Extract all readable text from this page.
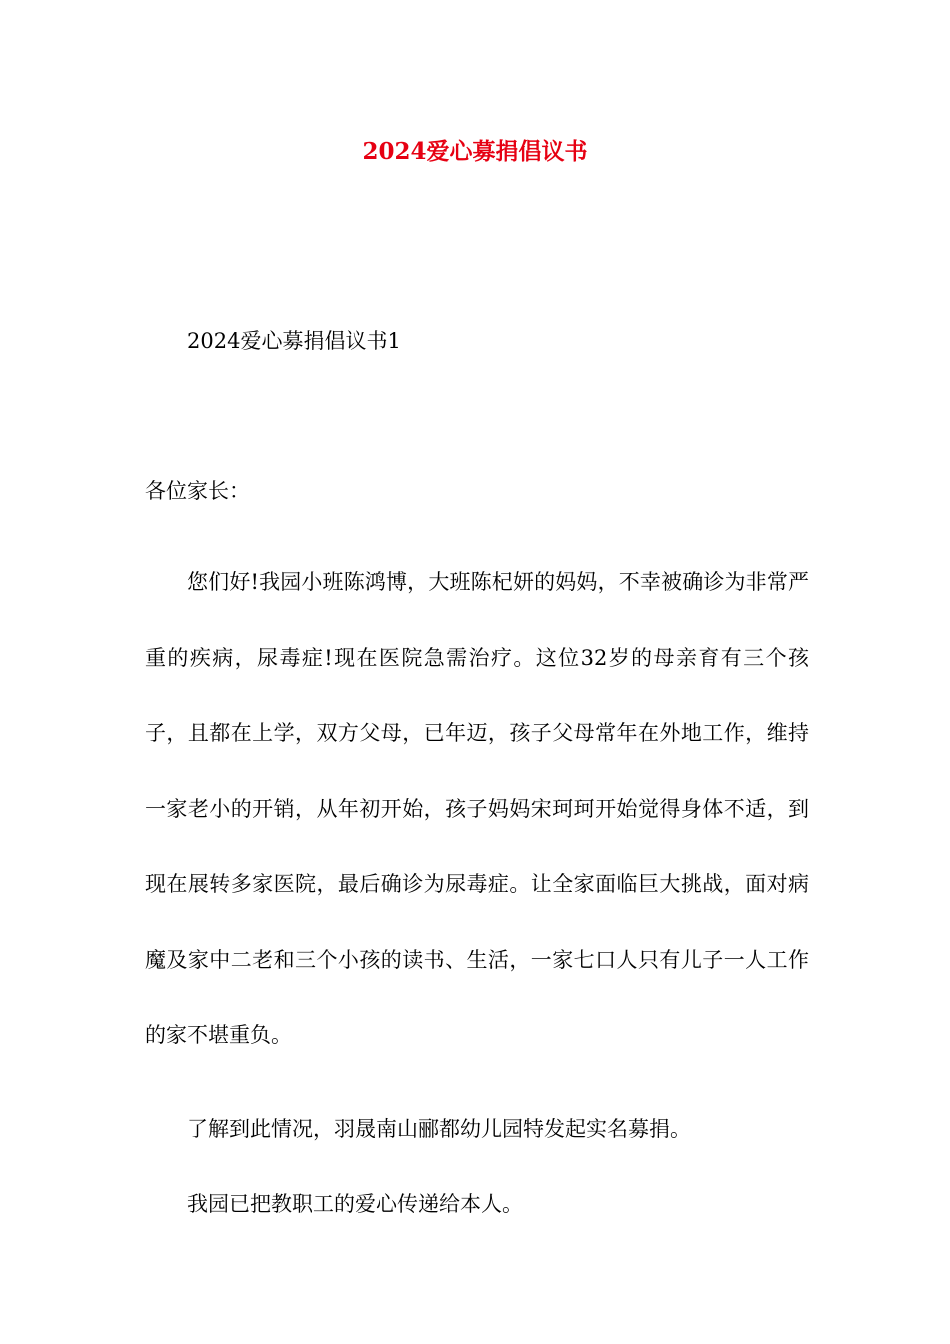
2024爱心募捐倡议书
2024爱心募捐倡议书1
各位家长：

您们好!我园小班陈鸿博，大班陈杞妍的妈妈，不幸被确诊为非常严重的疾病，尿毒症!现在医院急需治疗。这位32岁的母亲育有三个孩子，且都在上学，双方父母，已年迈，孩子父母常年在外地工作，维持一家老小的开销，从年初开始，孩子妈妈宋珂珂开始觉得身体不适，到现在展转多家医院，最后确诊为尿毒症。让全家面临巨大挑战，面对病魔及家中二老和三个小孩的读书、生活，一家七口人只有儿子一人工作的家不堪重负。

了解到此情况，羽晟南山郦都幼儿园特发起实名募捐。

我园已把教职工的爱心传递给本人。
